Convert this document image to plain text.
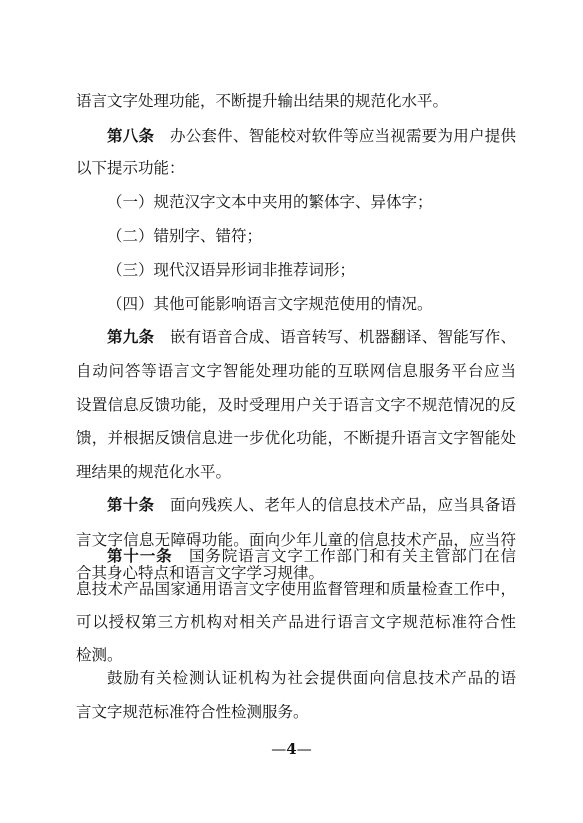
语言文字处理功能，不断提升输出结果的规范化水平。
第八条　办公套件、智能校对软件等应当视需要为用户提供
以下提示功能：
（一）规范汉字文本中夹用的繁体字、异体字；
（二）错别字、错符；
（三）现代汉语异形词非推荐词形；
（四）其他可能影响语言文字规范使用的情况。
第九条　嵌有语音合成、语音转写、机器翻译、智能写作、
自动问答等语言文字智能处理功能的互联网信息服务平台应当
设置信息反馈功能，及时受理用户关于语言文字不规范情况的反
馈，并根据反馈信息进一步优化功能，不断提升语言文字智能处
理结果的规范化水平。
第十条　面向残疾人、老年人的信息技术产品，应当具备语
言文字信息无障碍功能。面向少年儿童的信息技术产品，应当符
合其身心特点和语言文字学习规律。
第十一条　国务院语言文字工作部门和有关主管部门在信
息技术产品国家通用语言文字使用监督管理和质量检查工作中，
可以授权第三方机构对相关产品进行语言文字规范标准符合性
检测。
鼓励有关检测认证机构为社会提供面向信息技术产品的语
言文字规范标准符合性检测服务。
—4—
